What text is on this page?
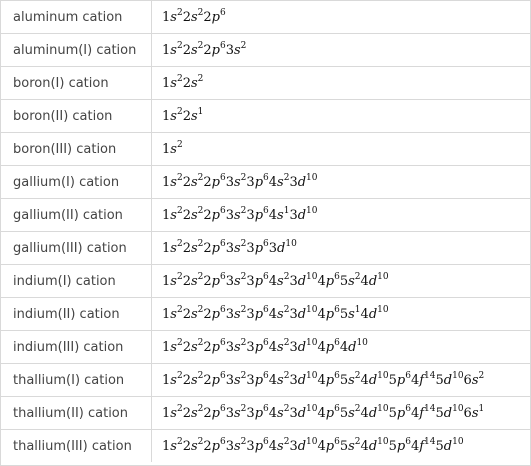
aluminum cation	$1s^2$ $2s^2$ $2p^6$
aluminum(I) cation	$1s^2$ $2s^2$ $2p^6$ $3s^2$
boron(I) cation	$1s^2$ $2s^2$
boron(II) cation	$1s^2$ $2s^1$
boron(III) cation	$1s^2$
gallium(I) cation	$1s^2$ $2s^2$ $2p^6$ $3s^2$ $3p^6$ $4s^2$ $3d^{10}$
gallium(II) cation	$1s^2$ $2s^2$ $2p^6$ $3s^2$ $3p^6$ $4s^1$ $3d^{10}$
gallium(III) cation	$1s^2$ $2s^2$ $2p^6$ $3s^2$ $3p^6$ $3d^{10}$
indium(I) cation	$1s^2$ $2s^2$ $2p^6$ $3s^2$ $3p^6$ $4s^2$ $3d^{10}$ $4p^6$ $5s^2$ $4d^{10}$
indium(II) cation	$1s^2$ $2s^2$ $2p^6$ $3s^2$ $3p^6$ $4s^2$ $3d^{10}$ $4p^6$ $5s^1$ $4d^{10}$
indium(III) cation	$1s^2$ $2s^2$ $2p^6$ $3s^2$ $3p^6$ $4s^2$ $3d^{10}$ $4p^6$ $4d^{10}$
thallium(I) cation	$1s^2$ $2s^2$ $2p^6$ $3s^2$ $3p^6$ $4s^2$ $3d^{10}$ $4p^6$ $5s^2$ $4d^{10}$ $5p^6$ $4f^{14}$ $5d^{10}$ $6s^2$
thallium(II) cation	$1s^2$ $2s^2$ $2p^6$ $3s^2$ $3p^6$ $4s^2$ $3d^{10}$ $4p^6$ $5s^2$ $4d^{10}$ $5p^6$ $4f^{14}$ $5d^{10}$ $6s^1$
thallium(III) cation	$1s^2$ $2s^2$ $2p^6$ $3s^2$ $3p^6$ $4s^2$ $3d^{10}$ $4p^6$ $5s^2$ $4d^{10}$ $5p^6$ $4f^{14}$ $5d^{10}$
